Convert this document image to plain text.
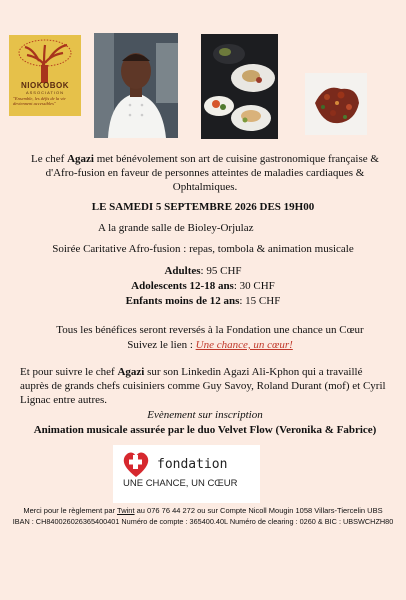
NIOKOBOK
ASSOCIATION
"Ensemble, les défis de la vie deviennent accessibles"
Le chef Agazi met bénévolement son art de cuisine gastronomique française & d'Afro-fusion en faveur de personnes atteintes de maladies cardiaques & Ophtalmiques.
LE SAMEDI 5 SEPTEMBRE 2026 DES 19H00
A la grande salle de Bioley-Orjulaz
Soirée Caritative Afro-fusion : repas, tombola & animation musicale
Adultes: 95 CHF
Adolescents 12-18 ans: 30 CHF
Enfants moins de 12 ans: 15 CHF
Tous les bénéfices seront reversés à la Fondation une chance un Cœur
Suivez le lien : Une chance, un cœur!
Et pour suivre le chef Agazi sur son Linkedin Agazi Ali-Kphon qui a travaillé auprès de grands chefs cuisiniers comme Guy Savoy, Roland Durant (mof) et Cyril Lignac entre autres.
Evènement sur inscription
Animation musicale assurée par le duo Velvet Flow (Veronika & Fabrice)
fondation
UNE CHANCE, UN CŒUR
Merci pour le règlement par Twint au 076 76 44 272 ou sur Compte Nicoll Mougin 1058 Villars-Tiercelin UBS
IBAN : CH840026026365400401 Numéro de compte : 365400.40L Numéro de clearing : 0260 & BIC : UBSWCHZH80
